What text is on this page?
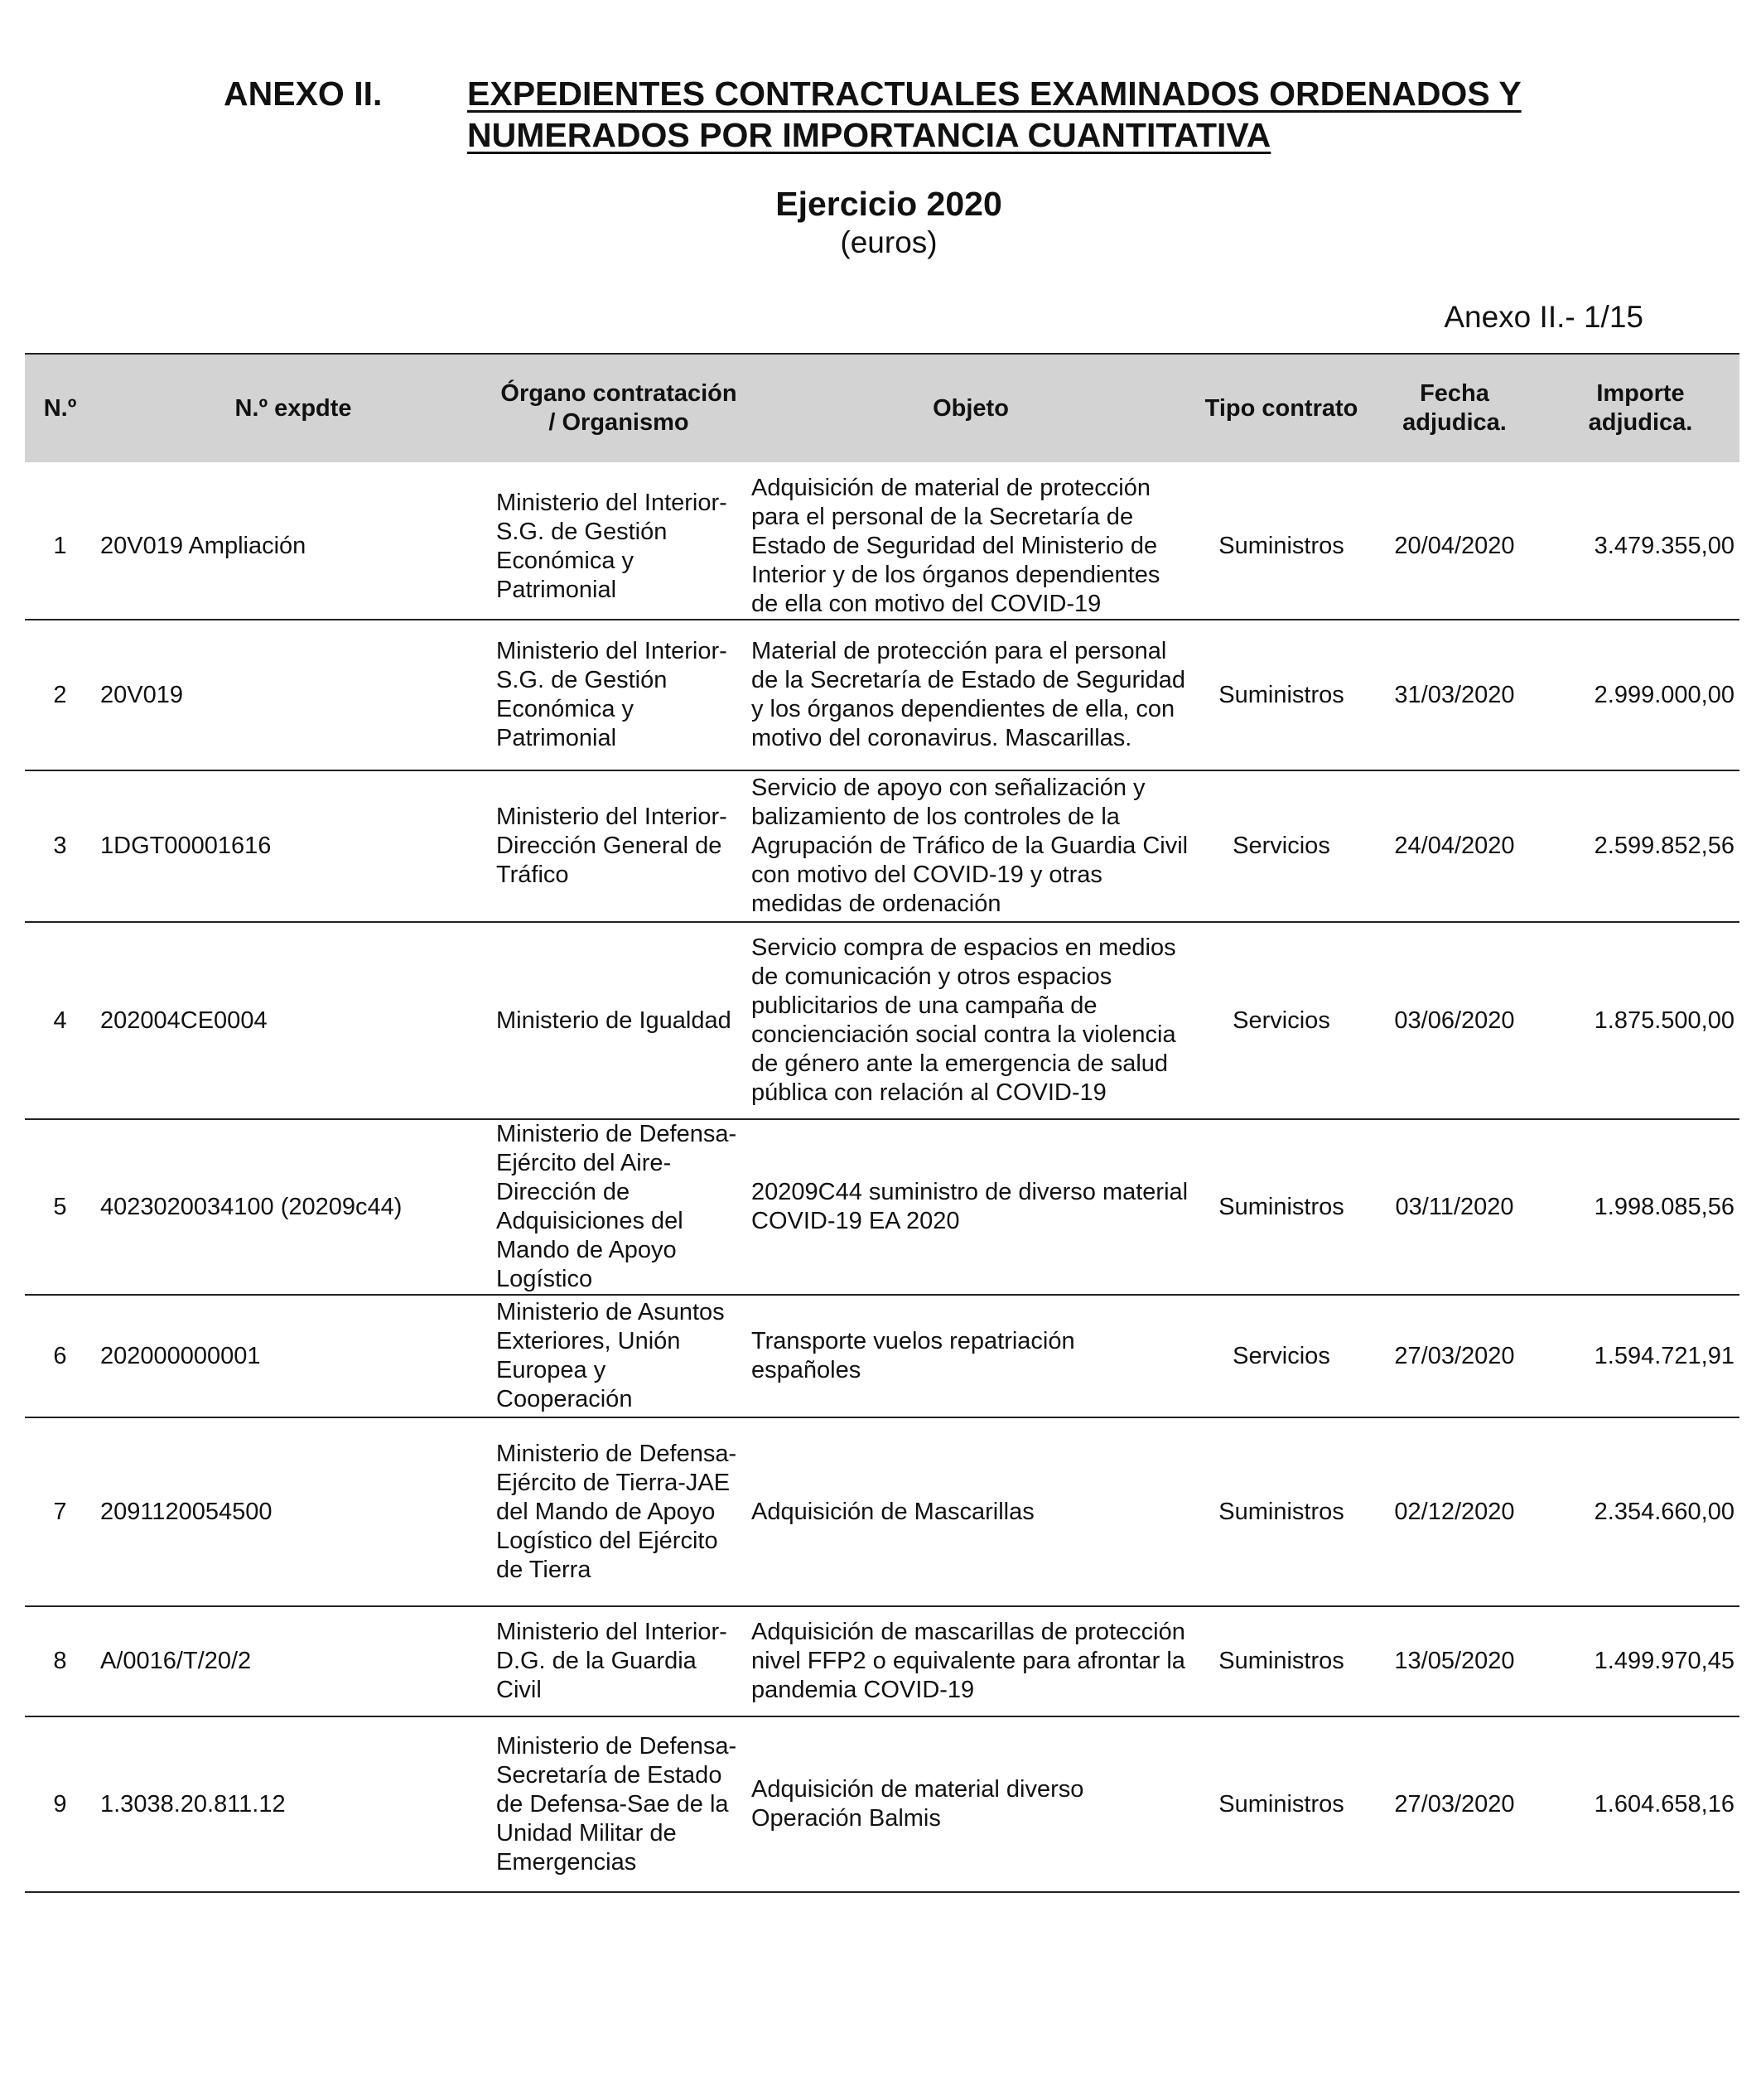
ANEXO II.	EXPEDIENTES CONTRACTUALES EXAMINADOS ORDENADOS Y NUMERADOS POR IMPORTANCIA CUANTITATIVA
Ejercicio 2020
(euros)
Anexo II.- 1/15
N.º	N.º expdte	Órgano contratación / Organismo	Objeto	Tipo contrato	Fecha adjudica.	Importe adjudica.
1	20V019 Ampliación	Ministerio del Interior-S.G. de Gestión Económica y Patrimonial	Adquisición de material de protección para el personal de la Secretaría de Estado de Seguridad del Ministerio de Interior y de los órganos dependientes de ella con motivo del COVID-19	Suministros	20/04/2020	3.479.355,00
2	20V019	Ministerio del Interior-S.G. de Gestión Económica y Patrimonial	Material de protección para el personal de la Secretaría de Estado de Seguridad y los órganos dependientes de ella, con motivo del coronavirus. Mascarillas.	Suministros	31/03/2020	2.999.000,00
3	1DGT00001616	Ministerio del Interior-Dirección General de Tráfico	Servicio de apoyo con señalización y balizamiento de los controles de la Agrupación de Tráfico de la Guardia Civil con motivo del COVID-19 y otras medidas de ordenación	Servicios	24/04/2020	2.599.852,56
4	202004CE0004	Ministerio de Igualdad	Servicio compra de espacios en medios de comunicación y otros espacios publicitarios de una campaña de concienciación social contra la violencia de género ante la emergencia de salud pública con relación al COVID-19	Servicios	03/06/2020	1.875.500,00
5	4023020034100 (20209c44)	Ministerio de Defensa-Ejército del Aire-Dirección de Adquisiciones del Mando de Apoyo Logístico	20209C44 suministro de diverso material COVID-19 EA 2020	Suministros	03/11/2020	1.998.085,56
6	202000000001	Ministerio de Asuntos Exteriores, Unión Europea y Cooperación	Transporte vuelos repatriación españoles	Servicios	27/03/2020	1.594.721,91
7	2091120054500	Ministerio de Defensa-Ejército de Tierra-JAE del Mando de Apoyo Logístico del Ejército de Tierra	Adquisición de Mascarillas	Suministros	02/12/2020	2.354.660,00
8	A/0016/T/20/2	Ministerio del Interior-D.G. de la Guardia Civil	Adquisición de mascarillas de protección nivel FFP2 o equivalente para afrontar la pandemia COVID-19	Suministros	13/05/2020	1.499.970,45
9	1.3038.20.811.12	Ministerio de Defensa-Secretaría de Estado de Defensa-Sae de la Unidad Militar de Emergencias	Adquisición de material diverso Operación Balmis	Suministros	27/03/2020	1.604.658,16
